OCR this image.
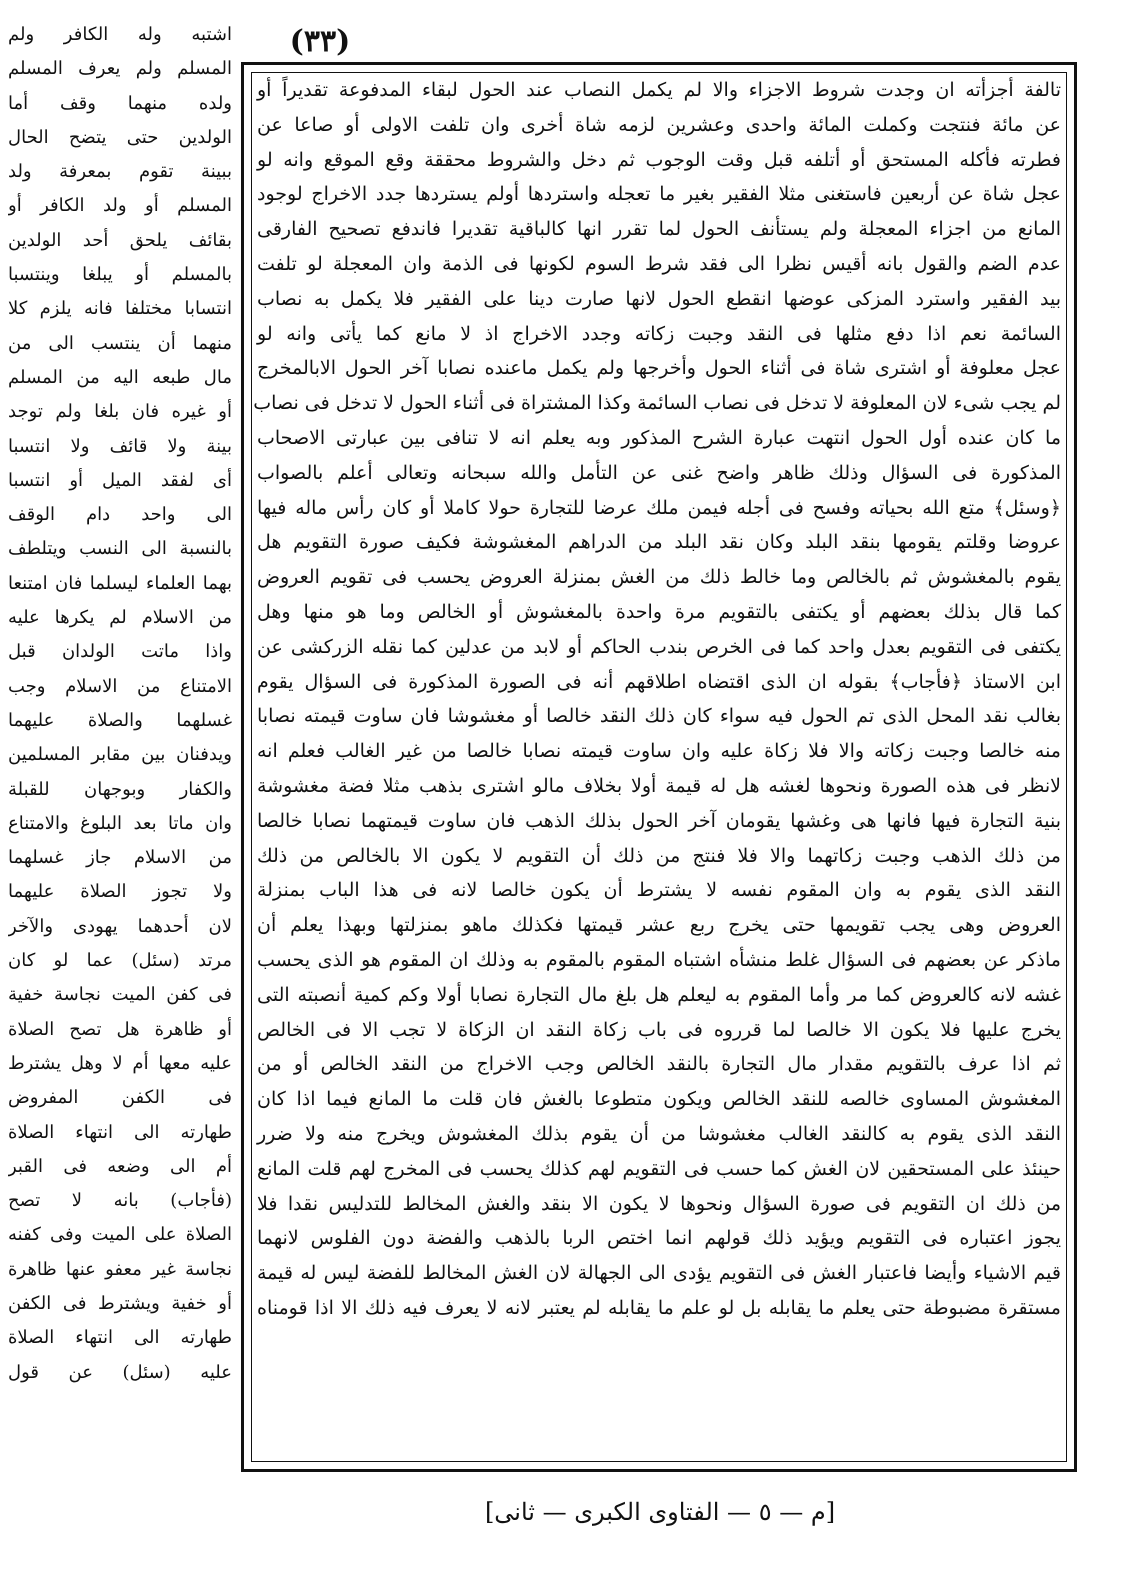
(٣٣)
تالفة أجزأته ان وجدت شروط الاجزاء والا لم يكمل النصاب عند الحول لبقاء المدفوعة تقديراً أو
عن مائة فنتجت وكملت المائة واحدى وعشرين لزمه شاة أخرى وان تلفت الاولى أو صاعا عن
فطرته فأكله المستحق أو أتلفه قبل وقت الوجوب ثم دخل والشروط محققة وقع الموقع وانه لو
عجل شاة عن أربعين فاستغنى مثلا الفقير بغير ما تعجله واستردها أولم يستردها جدد الاخراج لوجود
المانع من اجزاء المعجلة ولم يستأنف الحول لما تقرر انها كالباقية تقديرا فاندفع تصحيح الفارقى
عدم الضم والقول بانه أقيس نظرا الى فقد شرط السوم لكونها فى الذمة وان المعجلة لو تلفت
بيد الفقير واسترد المزكى عوضها انقطع الحول لانها صارت دينا على الفقير فلا يكمل به نصاب
السائمة نعم اذا دفع مثلها فى النقد وجبت زكاته وجدد الاخراج اذ لا مانع كما يأتى وانه لو
عجل معلوفة أو اشترى شاة فى أثناء الحول وأخرجها ولم يكمل ماعنده نصابا آخر الحول الابالمخرج
لم يجب شىء لان المعلوفة لا تدخل فى نصاب السائمة وكذا المشتراة فى أثناء الحول لا تدخل فى نصاب
ما كان عنده أول الحول انتهت عبارة الشرح المذكور وبه يعلم انه لا تنافى بين عبارتى الاصحاب
المذكورة فى السؤال وذلك ظاهر واضح غنى عن التأمل والله سبحانه وتعالى أعلم بالصواب
﴿وسئل﴾ متع الله بحياته وفسح فى أجله فيمن ملك عرضا للتجارة حولا كاملا أو كان رأس ماله فيها
عروضا وقلتم يقومها بنقد البلد وكان نقد البلد من الدراهم المغشوشة فكيف صورة التقويم هل
يقوم بالمغشوش ثم بالخالص وما خالط ذلك من الغش بمنزلة العروض يحسب فى تقويم العروض
كما قال بذلك بعضهم أو يكتفى بالتقويم مرة واحدة بالمغشوش أو الخالص وما هو منها وهل
يكتفى فى التقويم بعدل واحد كما فى الخرص بندب الحاكم أو لابد من عدلين كما نقله الزركشى عن
ابن الاستاذ ﴿فأجاب﴾ بقوله ان الذى اقتضاه اطلاقهم أنه فى الصورة المذكورة فى السؤال يقوم
بغالب نقد المحل الذى تم الحول فيه سواء كان ذلك النقد خالصا أو مغشوشا فان ساوت قيمته نصابا
منه خالصا وجبت زكاته والا فلا زكاة عليه وان ساوت قيمته نصابا خالصا من غير الغالب فعلم انه
لانظر فى هذه الصورة ونحوها لغشه هل له قيمة أولا بخلاف مالو اشترى بذهب مثلا فضة مغشوشة
بنية التجارة فيها فانها هى وغشها يقومان آخر الحول بذلك الذهب فان ساوت قيمتهما نصابا خالصا
من ذلك الذهب وجبت زكاتهما والا فلا فنتج من ذلك أن التقويم لا يكون الا بالخالص من ذلك
النقد الذى يقوم به وان المقوم نفسه لا يشترط أن يكون خالصا لانه فى هذا الباب بمنزلة
العروض وهى يجب تقويمها حتى يخرج ربع عشر قيمتها فكذلك ماهو بمنزلتها وبهذا يعلم أن
ماذكر عن بعضهم فى السؤال غلط منشأه اشتباه المقوم بالمقوم به وذلك ان المقوم هو الذى يحسب
غشه لانه كالعروض كما مر وأما المقوم به ليعلم هل بلغ مال التجارة نصابا أولا وكم كمية أنصبته التى
يخرج عليها فلا يكون الا خالصا لما قرروه فى باب زكاة النقد ان الزكاة لا تجب الا فى الخالص
ثم اذا عرف بالتقويم مقدار مال التجارة بالنقد الخالص وجب الاخراج من النقد الخالص أو من
المغشوش المساوى خالصه للنقد الخالص ويكون متطوعا بالغش فان قلت ما المانع فيما اذا كان
النقد الذى يقوم به كالنقد الغالب مغشوشا من أن يقوم بذلك المغشوش ويخرج منه ولا ضرر
حينئذ على المستحقين لان الغش كما حسب فى التقويم لهم كذلك يحسب فى المخرج لهم قلت المانع
من ذلك ان التقويم فى صورة السؤال ونحوها لا يكون الا بنقد والغش المخالط للتدليس نقدا فلا
يجوز اعتباره فى التقويم ويؤيد ذلك قولهم انما اختص الربا بالذهب والفضة دون الفلوس لانهما
قيم الاشياء وأيضا فاعتبار الغش فى التقويم يؤدى الى الجهالة لان الغش المخالط للفضة ليس له قيمة
مستقرة مضبوطة حتى يعلم ما يقابله بل لو علم ما يقابله لم يعتبر لانه لا يعرف فيه ذلك الا اذا قومناه
اشتبه وله الكافر ولم
المسلم ولم يعرف المسلم
ولده منهما وقف أما
الولدين حتى يتضح الحال
ببينة تقوم بمعرفة ولد
المسلم أو ولد الكافر أو
بقائف يلحق أحد الولدين
بالمسلم أو يبلغا وينتسبا
انتسابا مختلفا فانه يلزم كلا
منهما أن ينتسب الى من
مال طبعه اليه من المسلم
أو غيره فان بلغا ولم توجد
بينة ولا قائف ولا انتسبا
أى لفقد الميل أو انتسبا
الى واحد دام الوقف
بالنسبة الى النسب ويتلطف
بهما العلماء ليسلما فان امتنعا
من الاسلام لم يكرها عليه
واذا ماتت الولدان قبل
الامتناع من الاسلام وجب
غسلهما والصلاة عليهما
ويدفنان بين مقابر المسلمين
والكفار وبوجهان للقبلة
وان ماتا بعد البلوغ والامتناع
من الاسلام جاز غسلهما
ولا تجوز الصلاة عليهما
لان أحدهما يهودى والآخر
مرتد (سئل) عما لو كان
فى كفن الميت نجاسة خفية
أو ظاهرة هل تصح الصلاة
عليه معها أم لا وهل يشترط
فى الكفن المفروض
طهارته الى انتهاء الصلاة
أم الى وضعه فى القبر
(فأجاب) بانه لا تصح
الصلاة على الميت وفى كفنه
نجاسة غير معفو عنها ظاهرة
أو خفية ويشترط فى الكفن
طهارته الى انتهاء الصلاة
عليه (سئل) عن قول
[م — ٥ — الفتاوى الكبرى — ثانى]
